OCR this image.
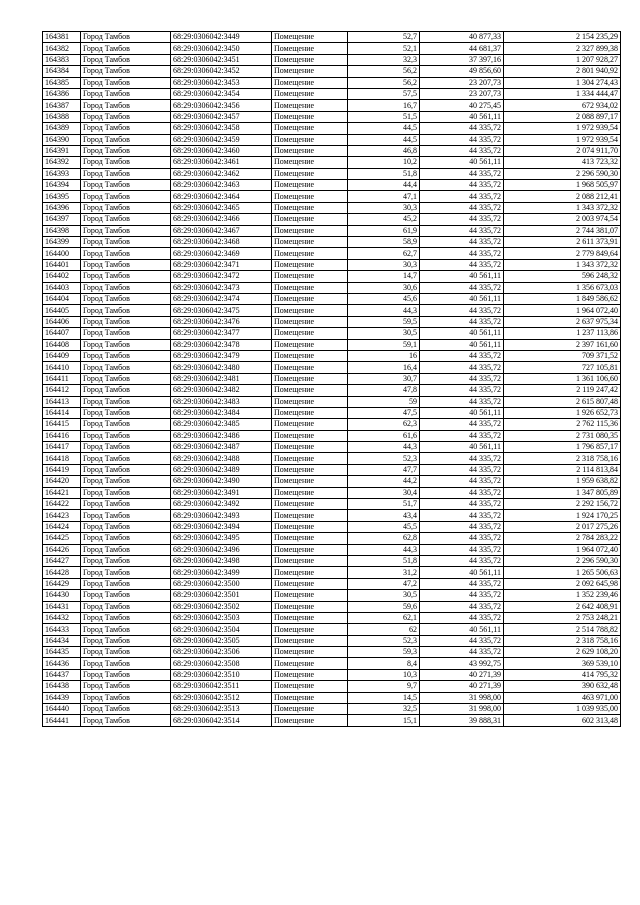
164381	Город Тамбов	68:29:0306042:3449	Помещение	52,7	40 877,33	2 154 235,29
164382	Город Тамбов	68:29:0306042:3450	Помещение	52,1	44 681,37	2 327 899,38
164383	Город Тамбов	68:29:0306042:3451	Помещение	32,3	37 397,16	1 207 928,27
164384	Город Тамбов	68:29:0306042:3452	Помещение	56,2	49 856,60	2 801 940,92
164385	Город Тамбов	68:29:0306042:3453	Помещение	56,2	23 207,73	1 304 274,43
164386	Город Тамбов	68:29:0306042:3454	Помещение	57,5	23 207,73	1 334 444,47
164387	Город Тамбов	68:29:0306042:3456	Помещение	16,7	40 275,45	672 934,02
164388	Город Тамбов	68:29:0306042:3457	Помещение	51,5	40 561,11	2 088 897,17
164389	Город Тамбов	68:29:0306042:3458	Помещение	44,5	44 335,72	1 972 939,54
164390	Город Тамбов	68:29:0306042:3459	Помещение	44,5	44 335,72	1 972 939,54
164391	Город Тамбов	68:29:0306042:3460	Помещение	46,8	44 335,72	2 074 911,70
164392	Город Тамбов	68:29:0306042:3461	Помещение	10,2	40 561,11	413 723,32
164393	Город Тамбов	68:29:0306042:3462	Помещение	51,8	44 335,72	2 296 590,30
164394	Город Тамбов	68:29:0306042:3463	Помещение	44,4	44 335,72	1 968 505,97
164395	Город Тамбов	68:29:0306042:3464	Помещение	47,1	44 335,72	2 088 212,41
164396	Город Тамбов	68:29:0306042:3465	Помещение	30,3	44 335,72	1 343 372,32
164397	Город Тамбов	68:29:0306042:3466	Помещение	45,2	44 335,72	2 003 974,54
164398	Город Тамбов	68:29:0306042:3467	Помещение	61,9	44 335,72	2 744 381,07
164399	Город Тамбов	68:29:0306042:3468	Помещение	58,9	44 335,72	2 611 373,91
164400	Город Тамбов	68:29:0306042:3469	Помещение	62,7	44 335,72	2 779 849,64
164401	Город Тамбов	68:29:0306042:3471	Помещение	30,3	44 335,72	1 343 372,32
164402	Город Тамбов	68:29:0306042:3472	Помещение	14,7	40 561,11	596 248,32
164403	Город Тамбов	68:29:0306042:3473	Помещение	30,6	44 335,72	1 356 673,03
164404	Город Тамбов	68:29:0306042:3474	Помещение	45,6	40 561,11	1 849 586,62
164405	Город Тамбов	68:29:0306042:3475	Помещение	44,3	44 335,72	1 964 072,40
164406	Город Тамбов	68:29:0306042:3476	Помещение	59,5	44 335,72	2 637 975,34
164407	Город Тамбов	68:29:0306042:3477	Помещение	30,5	40 561,11	1 237 113,86
164408	Город Тамбов	68:29:0306042:3478	Помещение	59,1	40 561,11	2 397 161,60
164409	Город Тамбов	68:29:0306042:3479	Помещение	16	44 335,72	709 371,52
164410	Город Тамбов	68:29:0306042:3480	Помещение	16,4	44 335,72	727 105,81
164411	Город Тамбов	68:29:0306042:3481	Помещение	30,7	44 335,72	1 361 106,60
164412	Город Тамбов	68:29:0306042:3482	Помещение	47,8	44 335,72	2 119 247,42
164413	Город Тамбов	68:29:0306042:3483	Помещение	59	44 335,72	2 615 807,48
164414	Город Тамбов	68:29:0306042:3484	Помещение	47,5	40 561,11	1 926 652,73
164415	Город Тамбов	68:29:0306042:3485	Помещение	62,3	44 335,72	2 762 115,36
164416	Город Тамбов	68:29:0306042:3486	Помещение	61,6	44 335,72	2 731 080,35
164417	Город Тамбов	68:29:0306042:3487	Помещение	44,3	40 561,11	1 796 857,17
164418	Город Тамбов	68:29:0306042:3488	Помещение	52,3	44 335,72	2 318 758,16
164419	Город Тамбов	68:29:0306042:3489	Помещение	47,7	44 335,72	2 114 813,84
164420	Город Тамбов	68:29:0306042:3490	Помещение	44,2	44 335,72	1 959 638,82
164421	Город Тамбов	68:29:0306042:3491	Помещение	30,4	44 335,72	1 347 805,89
164422	Город Тамбов	68:29:0306042:3492	Помещение	51,7	44 335,72	2 292 156,72
164423	Город Тамбов	68:29:0306042:3493	Помещение	43,4	44 335,72	1 924 170,25
164424	Город Тамбов	68:29:0306042:3494	Помещение	45,5	44 335,72	2 017 275,26
164425	Город Тамбов	68:29:0306042:3495	Помещение	62,8	44 335,72	2 784 283,22
164426	Город Тамбов	68:29:0306042:3496	Помещение	44,3	44 335,72	1 964 072,40
164427	Город Тамбов	68:29:0306042:3498	Помещение	51,8	44 335,72	2 296 590,30
164428	Город Тамбов	68:29:0306042:3499	Помещение	31,2	40 561,11	1 265 506,63
164429	Город Тамбов	68:29:0306042:3500	Помещение	47,2	44 335,72	2 092 645,98
164430	Город Тамбов	68:29:0306042:3501	Помещение	30,5	44 335,72	1 352 239,46
164431	Город Тамбов	68:29:0306042:3502	Помещение	59,6	44 335,72	2 642 408,91
164432	Город Тамбов	68:29:0306042:3503	Помещение	62,1	44 335,72	2 753 248,21
164433	Город Тамбов	68:29:0306042:3504	Помещение	62	40 561,11	2 514 788,82
164434	Город Тамбов	68:29:0306042:3505	Помещение	52,3	44 335,72	2 318 758,16
164435	Город Тамбов	68:29:0306042:3506	Помещение	59,3	44 335,72	2 629 108,20
164436	Город Тамбов	68:29:0306042:3508	Помещение	8,4	43 992,75	369 539,10
164437	Город Тамбов	68:29:0306042:3510	Помещение	10,3	40 271,39	414 795,32
164438	Город Тамбов	68:29:0306042:3511	Помещение	9,7	40 271,39	390 632,48
164439	Город Тамбов	68:29:0306042:3512	Помещение	14,5	31 998,00	463 971,00
164440	Город Тамбов	68:29:0306042:3513	Помещение	32,5	31 998,00	1 039 935,00
164441	Город Тамбов	68:29:0306042:3514	Помещение	15,1	39 888,31	602 313,48
